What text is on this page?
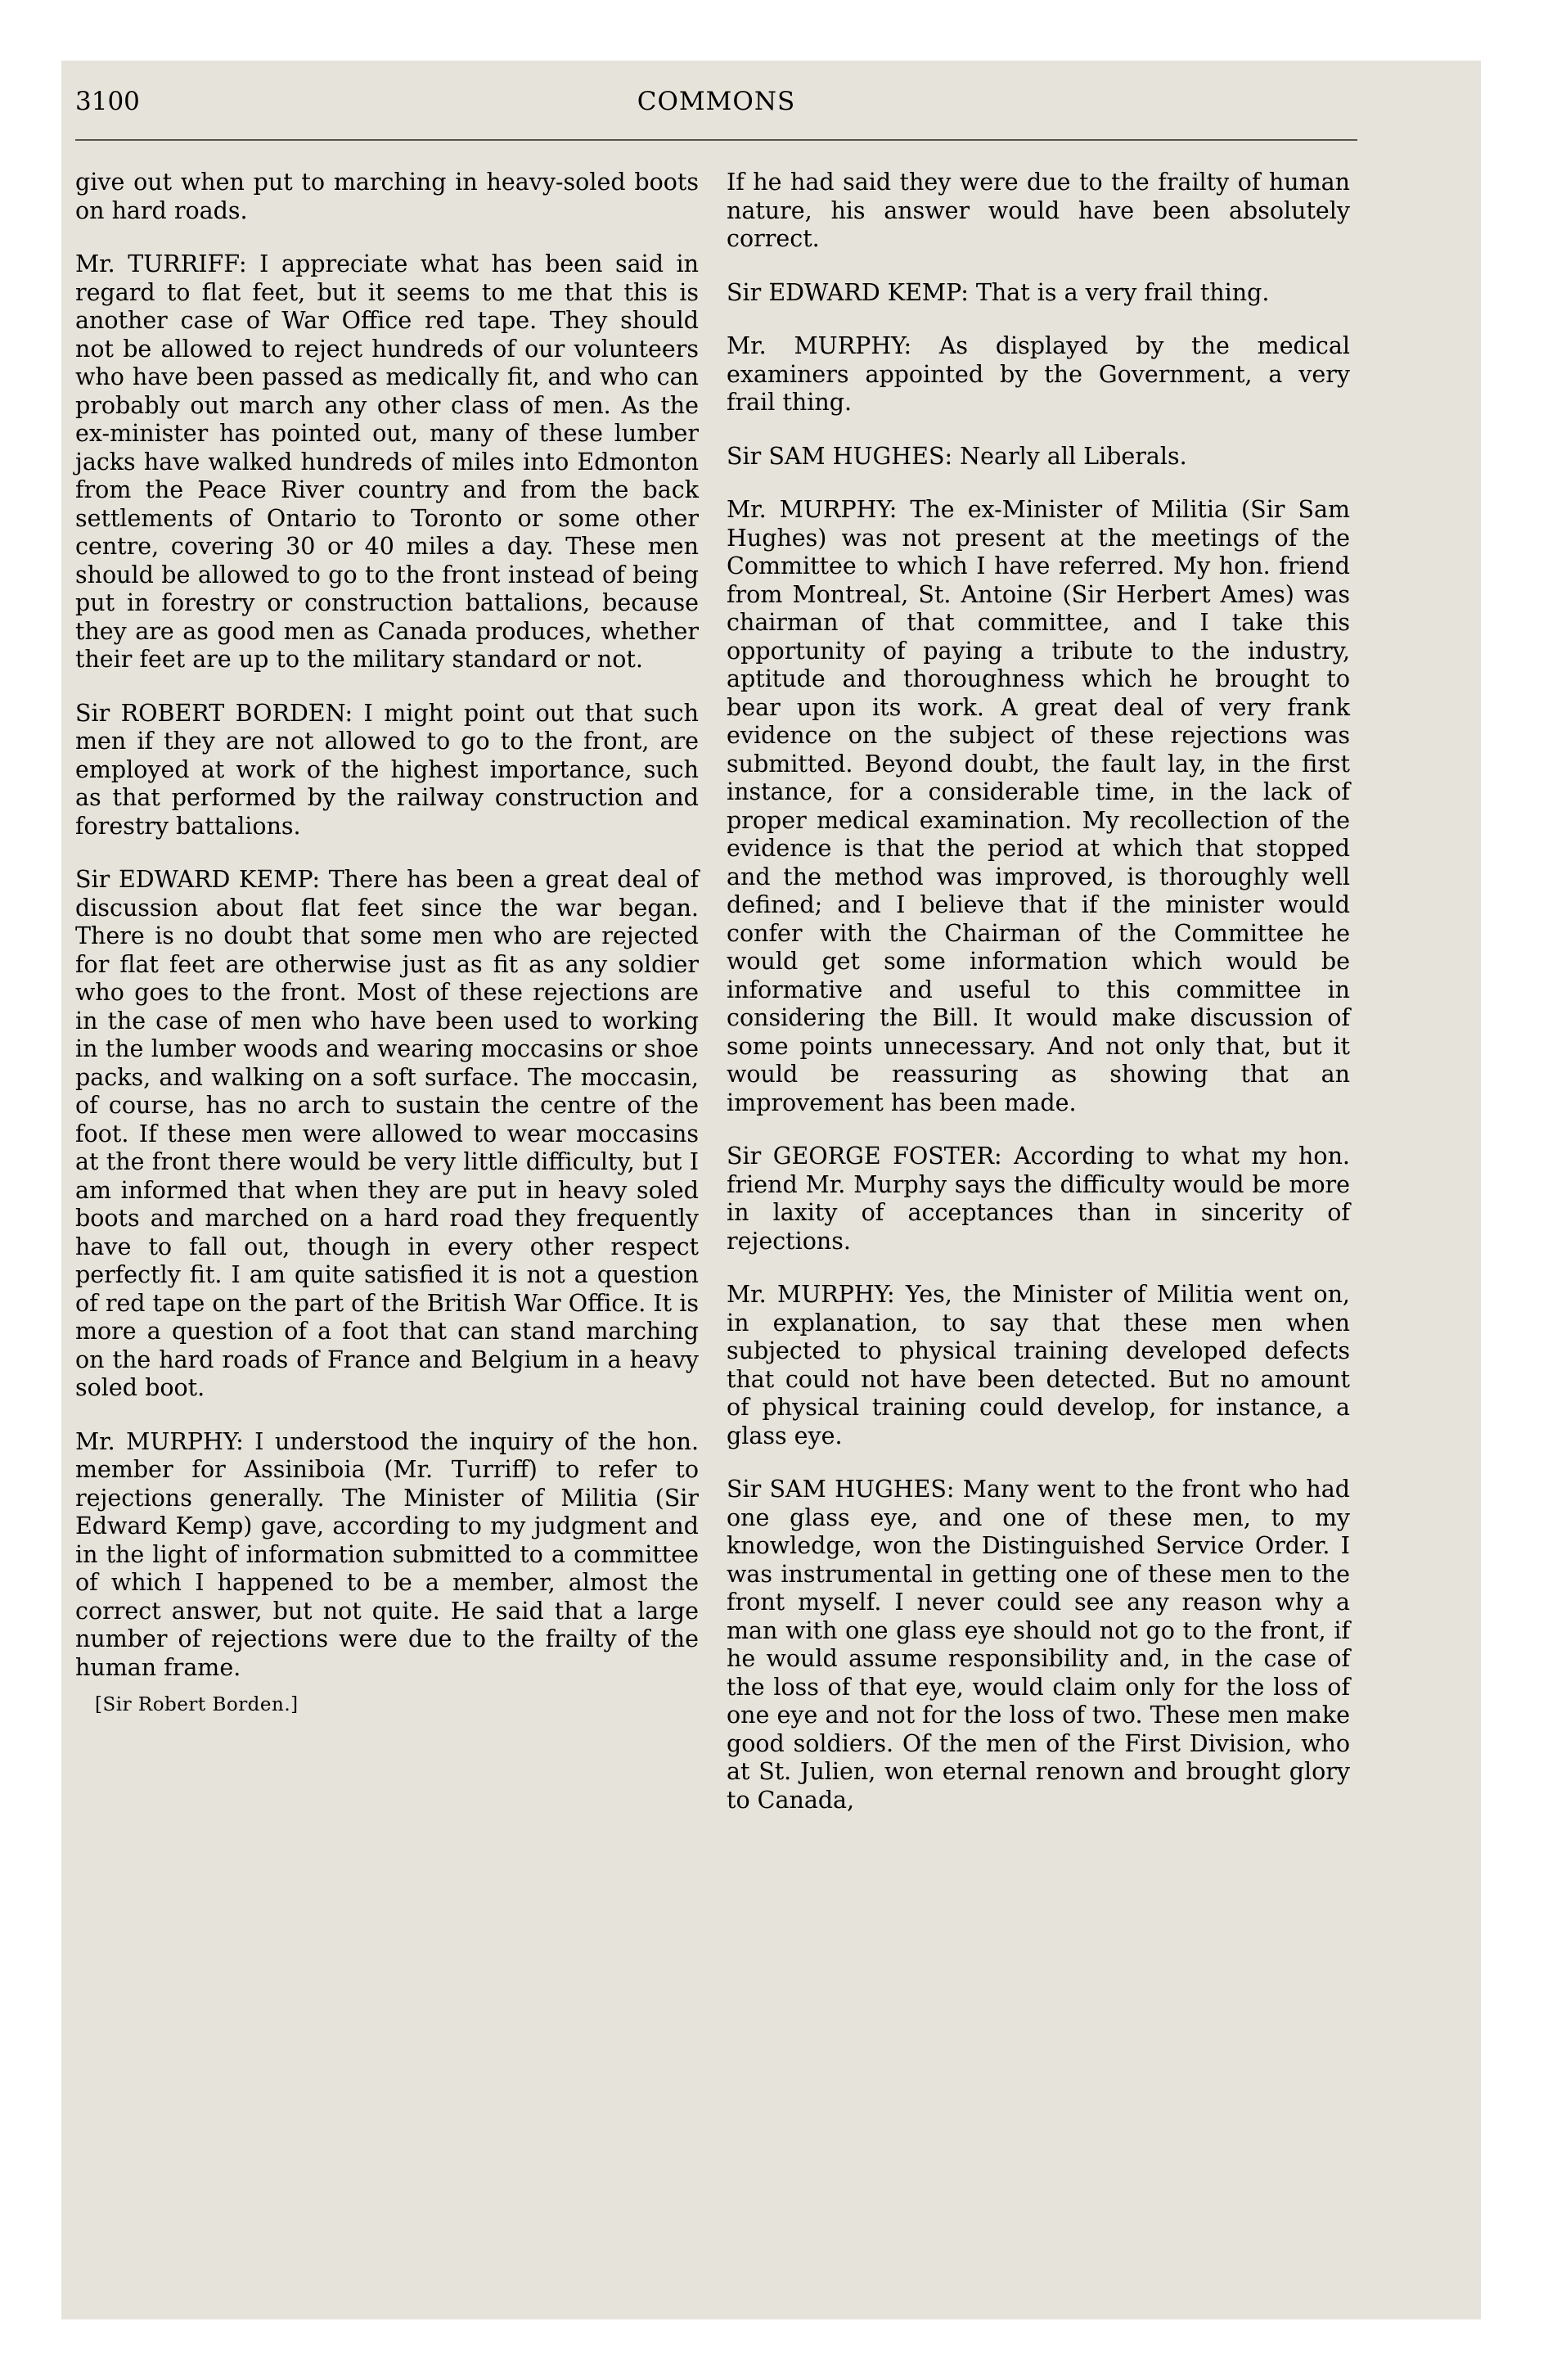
3100	COMMONS

give out when put to marching in heavy-soled boots on hard roads.

Mr. TURRIFF: I appreciate what has been said in regard to flat feet, but it seems to me that this is another case of War Office red tape. They should not be allowed to reject hundreds of our volunteers who have been passed as medically fit, and who can probably out march any other class of men. As the ex-minister has pointed out, many of these lumber jacks have walked hundreds of miles into Edmonton from the Peace River country and from the back settlements of Ontario to Toronto or some other centre, covering 30 or 40 miles a day. These men should be allowed to go to the front instead of being put in forestry or construction battalions, because they are as good men as Canada produces, whether their feet are up to the military standard or not.

Sir ROBERT BORDEN: I might point out that such men if they are not allowed to go to the front, are employed at work of the highest importance, such as that performed by the railway construction and forestry battalions.

Sir EDWARD KEMP: There has been a great deal of discussion about flat feet since the war began. There is no doubt that some men who are rejected for flat feet are otherwise just as fit as any soldier who goes to the front. Most of these rejections are in the case of men who have been used to working in the lumber woods and wearing moccasins or shoe packs, and walking on a soft surface. The moccasin, of course, has no arch to sustain the centre of the foot. If these men were allowed to wear moccasins at the front there would be very little difficulty, but I am informed that when they are put in heavy soled boots and marched on a hard road they frequently have to fall out, though in every other respect perfectly fit. I am quite satisfied it is not a question of red tape on the part of the British War Office. It is more a question of a foot that can stand marching on the hard roads of France and Belgium in a heavy soled boot.

Mr. MURPHY: I understood the inquiry of the hon. member for Assiniboia (Mr. Turriff) to refer to rejections generally. The Minister of Militia (Sir Edward Kemp) gave, according to my judgment and in the light of information submitted to a committee of which I happened to be a member, almost the correct answer, but not quite. He said that a large number of rejections were due to the frailty of the human frame.

[Sir Robert Borden.]

If he had said they were due to the frailty of human nature, his answer would have been absolutely correct.

Sir EDWARD KEMP: That is a very frail thing.

Mr. MURPHY: As displayed by the medical examiners appointed by the Government, a very frail thing.

Sir SAM HUGHES: Nearly all Liberals.

Mr. MURPHY: The ex-Minister of Militia (Sir Sam Hughes) was not present at the meetings of the Committee to which I have referred. My hon. friend from Montreal, St. Antoine (Sir Herbert Ames) was chairman of that committee, and I take this opportunity of paying a tribute to the industry, aptitude and thoroughness which he brought to bear upon its work. A great deal of very frank evidence on the subject of these rejections was submitted. Beyond doubt, the fault lay, in the first instance, for a considerable time, in the lack of proper medical examination. My recollection of the evidence is that the period at which that stopped and the method was improved, is thoroughly well defined; and I believe that if the minister would confer with the Chairman of the Committee he would get some information which would be informative and useful to this committee in considering the Bill. It would make discussion of some points unnecessary. And not only that, but it would be reassuring as showing that an improvement has been made.

Sir GEORGE FOSTER: According to what my hon. friend Mr. Murphy says the difficulty would be more in laxity of acceptances than in sincerity of rejections.

Mr. MURPHY: Yes, the Minister of Militia went on, in explanation, to say that these men when subjected to physical training developed defects that could not have been detected. But no amount of physical training could develop, for instance, a glass eye.

Sir SAM HUGHES: Many went to the front who had one glass eye, and one of these men, to my knowledge, won the Distinguished Service Order. I was instrumental in getting one of these men to the front myself. I never could see any reason why a man with one glass eye should not go to the front, if he would assume responsibility and, in the case of the loss of that eye, would claim only for the loss of one eye and not for the loss of two. These men make good soldiers. Of the men of the First Division, who at St. Julien, won eternal renown and brought glory to Canada,
